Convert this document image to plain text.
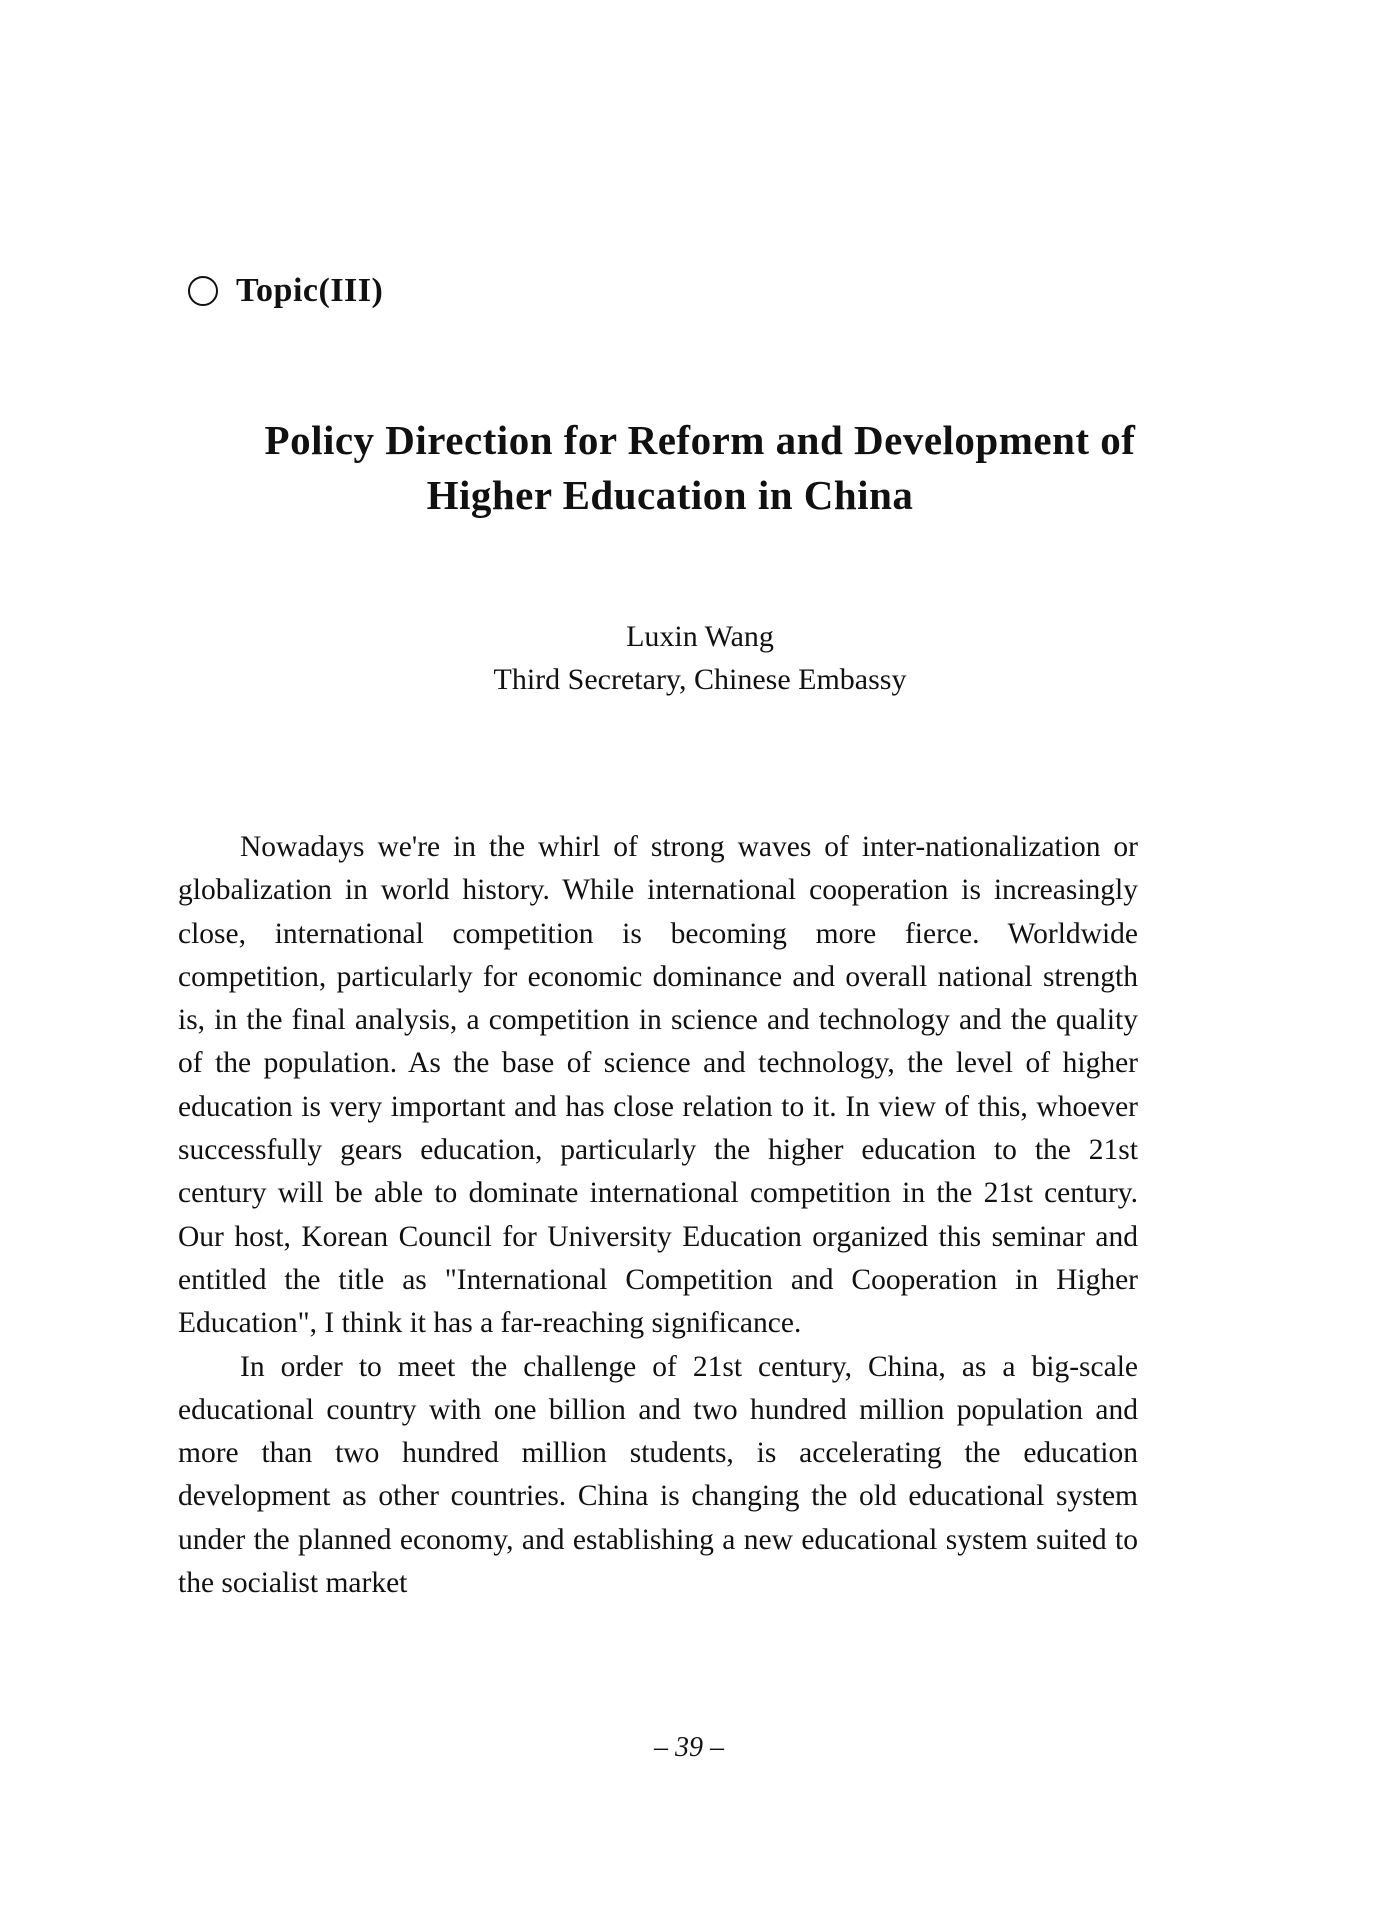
Topic(III)
Policy Direction for Reform and Development of
Higher Education in China
Luxin Wang
Third Secretary, Chinese Embassy

Nowadays we're in the whirl of strong waves of inter-nationalization or globalization in world history. While international cooperation is increasingly close, international competition is becoming more fierce. Worldwide competition, particularly for economic dominance and overall national strength is, in the final analysis, a competition in science and technology and the quality of the population. As the base of science and technology, the level of higher education is very important and has close relation to it. In view of this, whoever successfully gears education, particularly the higher education to the 21st century will be able to dominate international competition in the 21st century. Our host, Korean Council for University Education organized this seminar and entitled the title as "International Competition and Cooperation in Higher Education", I think it has a far-reaching significance.

In order to meet the challenge of 21st century, China, as a big-scale educational country with one billion and two hundred million population and more than two hundred million students, is accelerating the education development as other countries. China is changing the old educational system under the planned economy, and establishing a new educational system suited to the socialist market

– 39 –
